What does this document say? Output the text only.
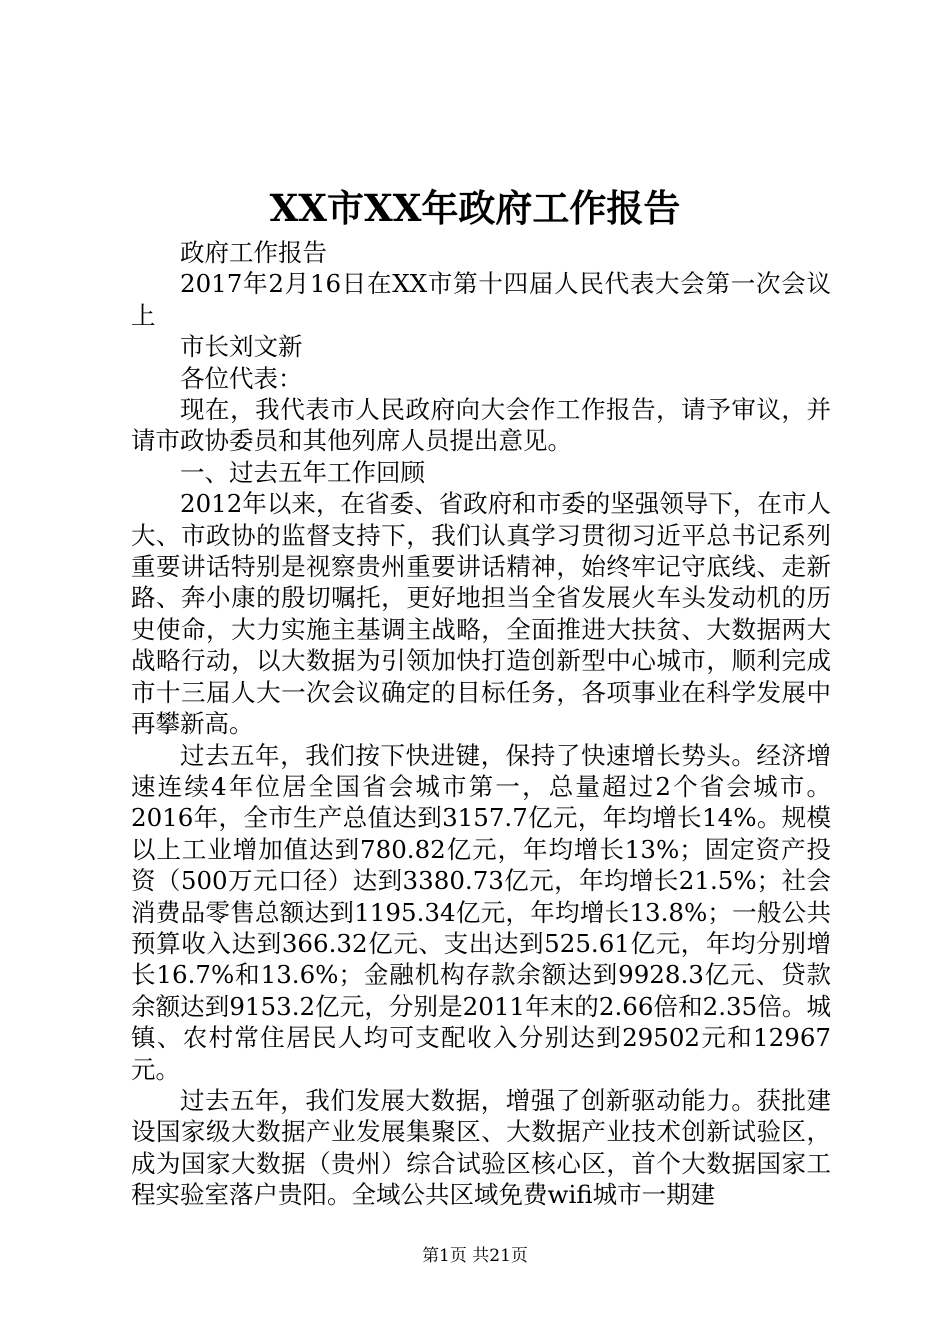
XX市XX年政府工作报告

政府工作报告

2017年2月16日在XX市第十四届人民代表大会第一次会议上

市长刘文新

各位代表：

现在，我代表市人民政府向大会作工作报告，请予审议，并请市政协委员和其他列席人员提出意见。

一、过去五年工作回顾

2012年以来，在省委、省政府和市委的坚强领导下，在市人大、市政协的监督支持下，我们认真学习贯彻习近平总书记系列重要讲话特别是视察贵州重要讲话精神，始终牢记守底线、走新路、奔小康的殷切嘱托，更好地担当全省发展火车头发动机的历史使命，大力实施主基调主战略，全面推进大扶贫、大数据两大战略行动，以大数据为引领加快打造创新型中心城市，顺利完成市十三届人大一次会议确定的目标任务，各项事业在科学发展中再攀新高。

过去五年，我们按下快进键，保持了快速增长势头。经济增速连续4年位居全国省会城市第一，总量超过2个省会城市。2016年，全市生产总值达到3157.7亿元，年均增长14%。规模以上工业增加值达到780.82亿元，年均增长13%；固定资产投资（500万元口径）达到3380.73亿元，年均增长21.5%；社会消费品零售总额达到1195.34亿元，年均增长13.8%；一般公共预算收入达到366.32亿元、支出达到525.61亿元，年均分别增长16.7%和13.6%；金融机构存款余额达到9928.3亿元、贷款余额达到9153.2亿元，分别是2011年末的2.66倍和2.35倍。城镇、农村常住居民人均可支配收入分别达到29502元和12967元。

过去五年，我们发展大数据，增强了创新驱动能力。获批建设国家级大数据产业发展集聚区、大数据产业技术创新试验区，成为国家大数据（贵州）综合试验区核心区，首个大数据国家工程实验室落户贵阳。全域公共区域免费wifi城市一期建

第1页 共21页
